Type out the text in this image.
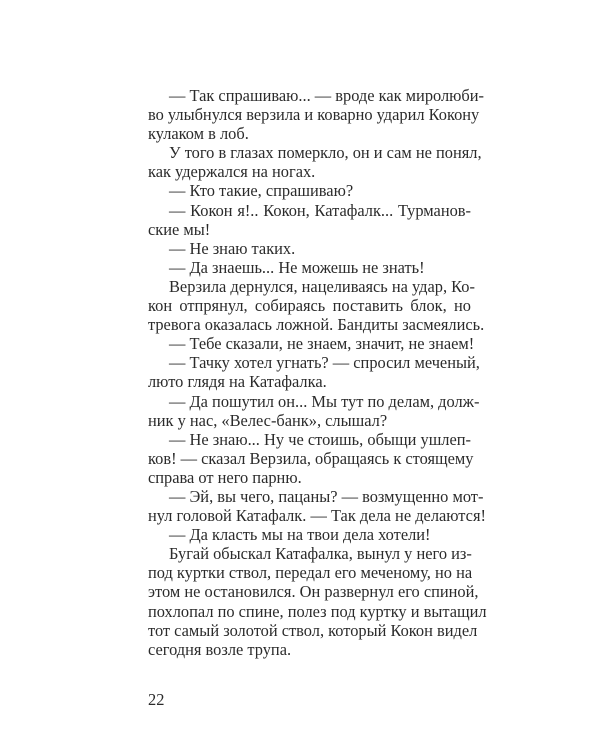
— Так спрашиваю... — вроде как миролюби-
во улыбнулся верзила и коварно ударил Кокону
кулаком в лоб.
У того в глазах померкло, он и сам не понял,
как удержался на ногах.
— Кто такие, спрашиваю?
— Кокон я!.. Кокон, Катафалк... Турманов-
ские мы!
— Не знаю таких.
— Да знаешь... Не можешь не знать!
Верзила дернулся, нацеливаясь на удар, Ко-
кон отпрянул, собираясь поставить блок, но
тревога оказалась ложной. Бандиты засмеялись.
— Тебе сказали, не знаем, значит, не знаем!
— Тачку хотел угнать? — спросил меченый,
люто глядя на Катафалка.
— Да пошутил он... Мы тут по делам, долж-
ник у нас, «Велес-банк», слышал?
— Не знаю... Ну че стоишь, обыщи ушлеп-
ков! — сказал Верзила, обращаясь к стоящему
справа от него парню.
— Эй, вы чего, пацаны? — возмущенно мот-
нул головой Катафалк. — Так дела не делаются!
— Да класть мы на твои дела хотели!
Бугай обыскал Катафалка, вынул у него из-
под куртки ствол, передал его меченому, но на
этом не остановился. Он развернул его спиной,
похлопал по спине, полез под куртку и вытащил
тот самый золотой ствол, который Кокон видел
сегодня возле трупа.
22
